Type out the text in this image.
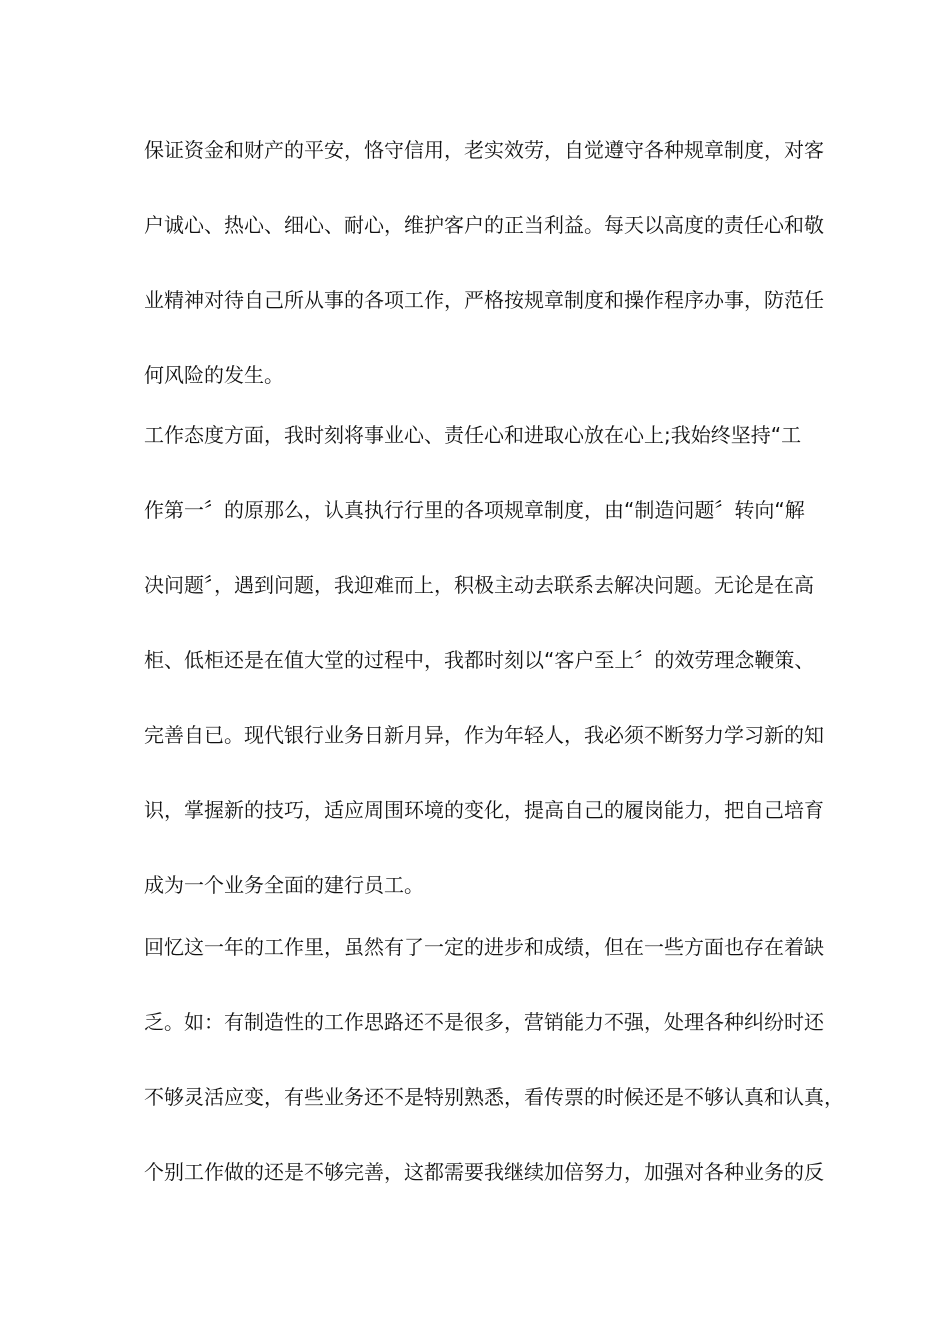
保证资金和财产的平安，恪守信用，老实效劳，自觉遵守各种规章制度，对客
户诚心、热心、细心、耐心，维护客户的正当利益。每天以高度的责任心和敬
业精神对待自己所从事的各项工作，严格按规章制度和操作程序办事，防范任
何风险的发生。
工作态度方面，我时刻将事业心、责任心和进取心放在心上;我始终坚持“工
作第一〞的原那么，认真执行行里的各项规章制度，由“制造问题〞转向“解
决问题〞，遇到问题，我迎难而上，积极主动去联系去解决问题。无论是在高
柜、低柜还是在值大堂的过程中，我都时刻以“客户至上〞的效劳理念鞭策、
完善自已。现代银行业务日新月异，作为年轻人，我必须不断努力学习新的知
识，掌握新的技巧，适应周围环境的变化，提高自己的履岗能力，把自己培育
成为一个业务全面的建行员工。
回忆这一年的工作里，虽然有了一定的进步和成绩，但在一些方面也存在着缺
乏。如：有制造性的工作思路还不是很多，营销能力不强，处理各种纠纷时还
不够灵活应变，有些业务还不是特别熟悉，看传票的时候还是不够认真和认真，
个别工作做的还是不够完善，这都需要我继续加倍努力，加强对各种业务的反
